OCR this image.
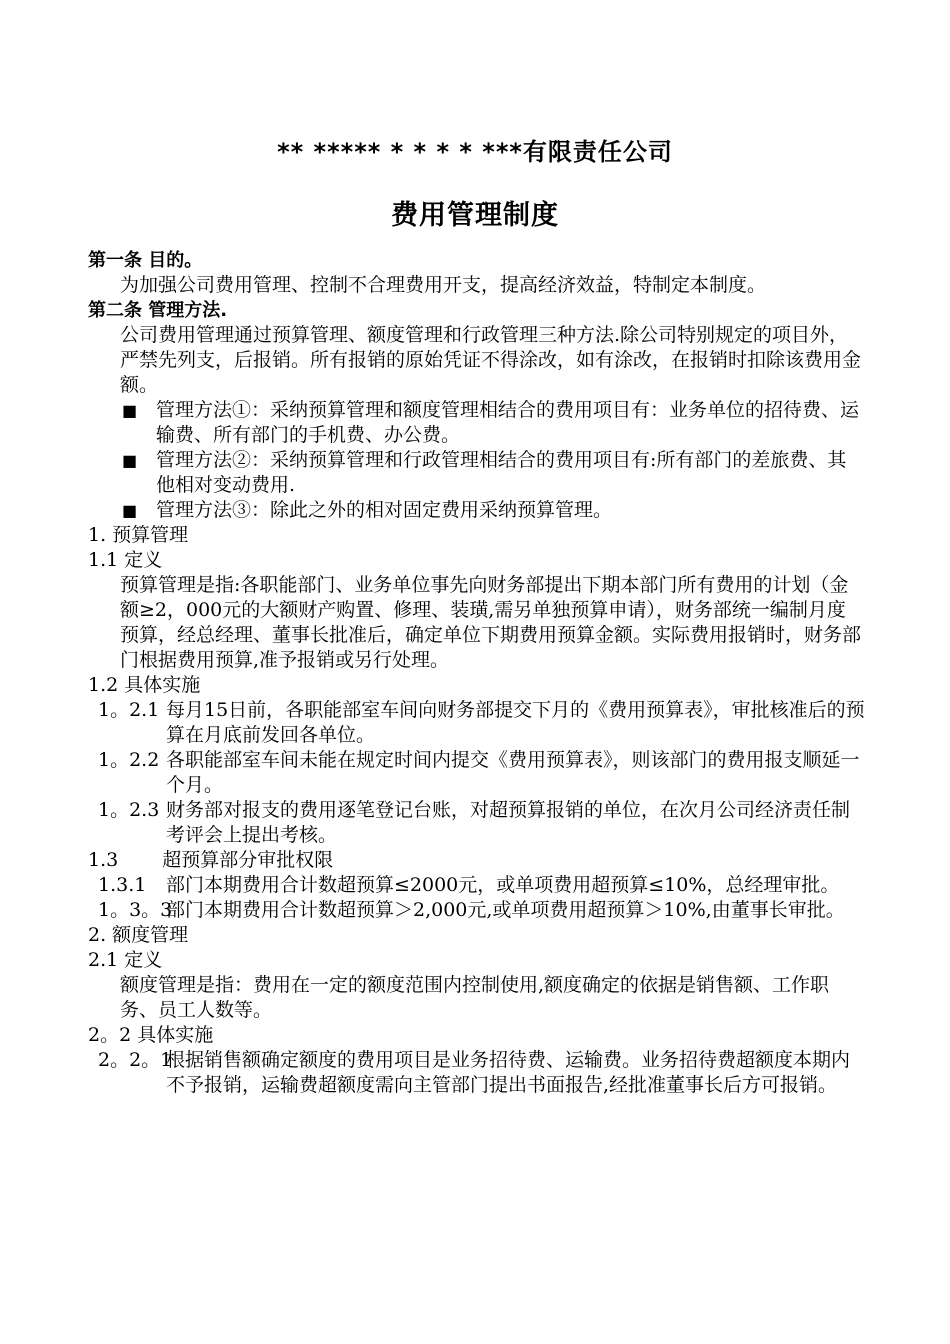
** ***** * * * * ***有限责任公司
费用管理制度
第一条 目的。
为加强公司费用管理、控制不合理费用开支，提高经济效益，特制定本制度。
第二条 管理方法.
公司费用管理通过预算管理、额度管理和行政管理三种方法.除公司特别规定的项目外，严禁先列支，后报销。所有报销的原始凭证不得涂改，如有涂改，在报销时扣除该费用金额。
■ 管理方法①：采纳预算管理和额度管理相结合的费用项目有：业务单位的招待费、运输费、所有部门的手机费、办公费。
■ 管理方法②：采纳预算管理和行政管理相结合的费用项目有:所有部门的差旅费、其他相对变动费用.
■ 管理方法③：除此之外的相对固定费用采纳预算管理。
1. 预算管理
1.1 定义
预算管理是指:各职能部门、业务单位事先向财务部提出下期本部门所有费用的计划（金额≥2，000元的大额财产购置、修理、装璜,需另单独预算申请），财务部统一编制月度预算，经总经理、董事长批准后，确定单位下期费用预算金额。实际费用报销时，财务部门根据费用预算,准予报销或另行处理。
1.2 具体实施
1。2.1 每月15日前，各职能部室车间向财务部提交下月的《费用预算表》，审批核准后的预算在月底前发回各单位。
1。2.2 各职能部室车间未能在规定时间内提交《费用预算表》，则该部门的费用报支顺延一个月。
1。2.3 财务部对报支的费用逐笔登记台账，对超预算报销的单位，在次月公司经济责任制考评会上提出考核。
1.3 超预算部分审批权限
1.3.1 部门本期费用合计数超预算≤2000元，或单项费用超预算≤10%，总经理审批。
1。3。3
部门本期费用合计数超预算＞2,000元,或单项费用超预算＞10%,由董事长审批。
2. 额度管理
2.1 定义
额度管理是指：费用在一定的额度范围内控制使用,额度确定的依据是销售额、工作职务、员工人数等。
2。2 具体实施
2。2。1
根据销售额确定额度的费用项目是业务招待费、运输费。业务招待费超额度本期内不予报销，运输费超额度需向主管部门提出书面报告,经批准董事长后方可报销。
